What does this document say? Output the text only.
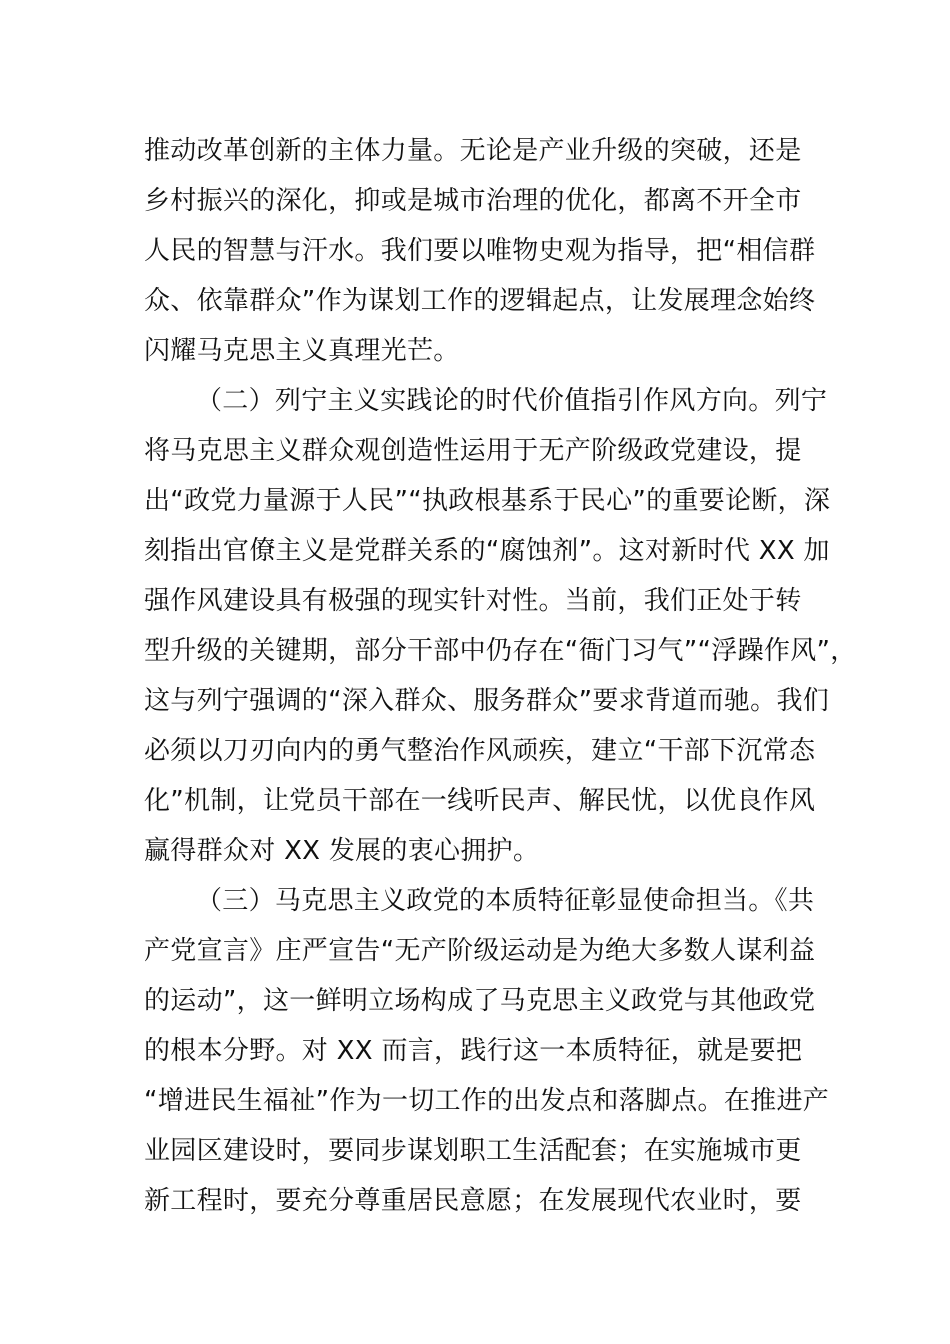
推动改革创新的主体力量。无论是产业升级的突破，还是
乡村振兴的深化，抑或是城市治理的优化，都离不开全市
人民的智慧与汗水。我们要以唯物史观为指导，把“相信群
众、依靠群众”作为谋划工作的逻辑起点，让发展理念始终
闪耀马克思主义真理光芒。
（二）列宁主义实践论的时代价值指引作风方向。列宁
将马克思主义群众观创造性运用于无产阶级政党建设，提
出“政党力量源于人民”“执政根基系于民心”的重要论断，深
刻指出官僚主义是党群关系的“腐蚀剂”。这对新时代 XX 加
强作风建设具有极强的现实针对性。当前，我们正处于转
型升级的关键期，部分干部中仍存在“衙门习气”“浮躁作风”，
这与列宁强调的“深入群众、服务群众”要求背道而驰。我们
必须以刀刃向内的勇气整治作风顽疾，建立“干部下沉常态
化”机制，让党员干部在一线听民声、解民忧，以优良作风
赢得群众对 XX 发展的衷心拥护。
（三）马克思主义政党的本质特征彰显使命担当。《共
产党宣言》庄严宣告“无产阶级运动是为绝大多数人谋利益
的运动”，这一鲜明立场构成了马克思主义政党与其他政党
的根本分野。对 XX 而言，践行这一本质特征，就是要把
“增进民生福祉”作为一切工作的出发点和落脚点。在推进产
业园区建设时，要同步谋划职工生活配套；在实施城市更
新工程时，要充分尊重居民意愿；在发展现代农业时，要
